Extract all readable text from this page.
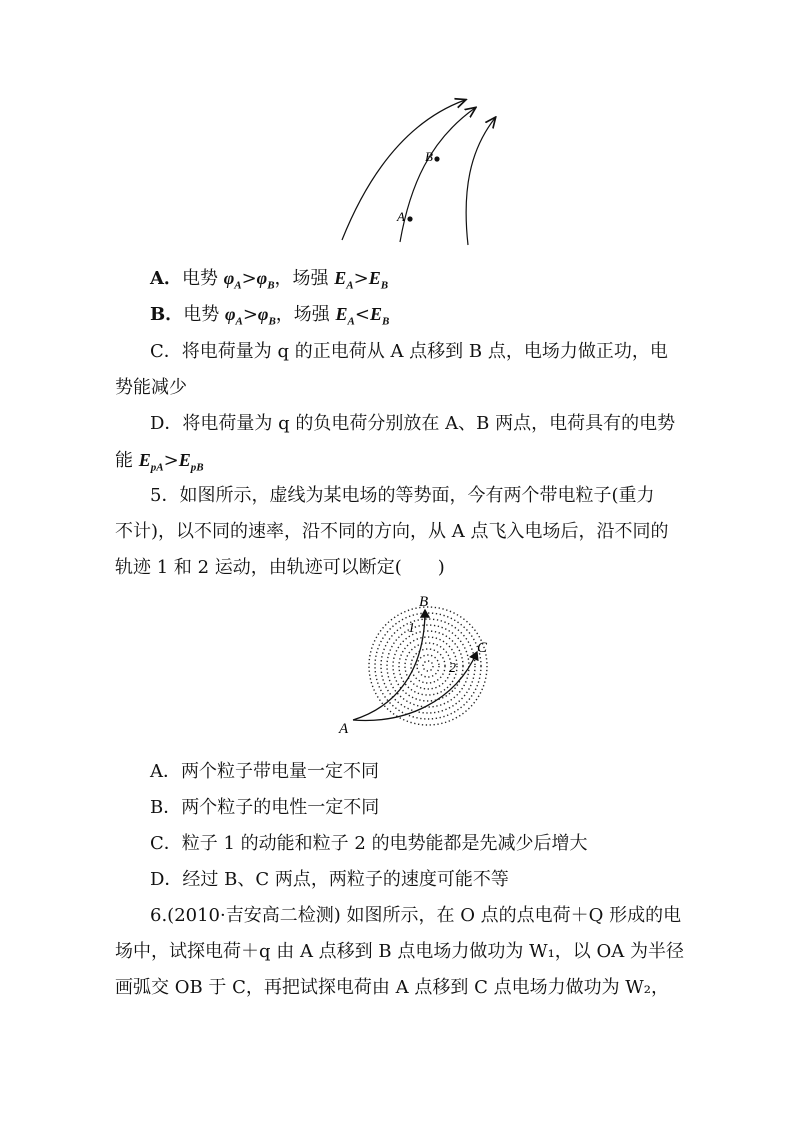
A
B
A．电势 $\varphi_A>\varphi_B$，场强 $E_A>E_B$
B．电势 $\varphi_A>\varphi_B$，场强 $E_A<E_B$
C．将电荷量为 q 的正电荷从 A 点移到 B 点，电场力做正功，电
势能减少
D．将电荷量为 q 的负电荷分别放在 A、B 两点，电荷具有的电势
能 $E_{pA}>E_{pB}$
5．如图所示，虚线为某电场的等势面，今有两个带电粒子(重力
不计)，以不同的速率，沿不同的方向，从 A 点飞入电场后，沿不同的
轨迹 1 和 2 运动，由轨迹可以断定(　　)
B
C
A
1
2
A．两个粒子带电量一定不同
B．两个粒子的电性一定不同
C．粒子 1 的动能和粒子 2 的电势能都是先减少后增大
D．经过 B、C 两点，两粒子的速度可能不等
6.(2010·吉安高二检测) 如图所示，在 O 点的点电荷＋Q 形成的电
场中，试探电荷＋q 由 A 点移到 B 点电场力做功为 W₁，以 OA 为半径
画弧交 OB 于 C，再把试探电荷由 A 点移到 C 点电场力做功为 W₂，
